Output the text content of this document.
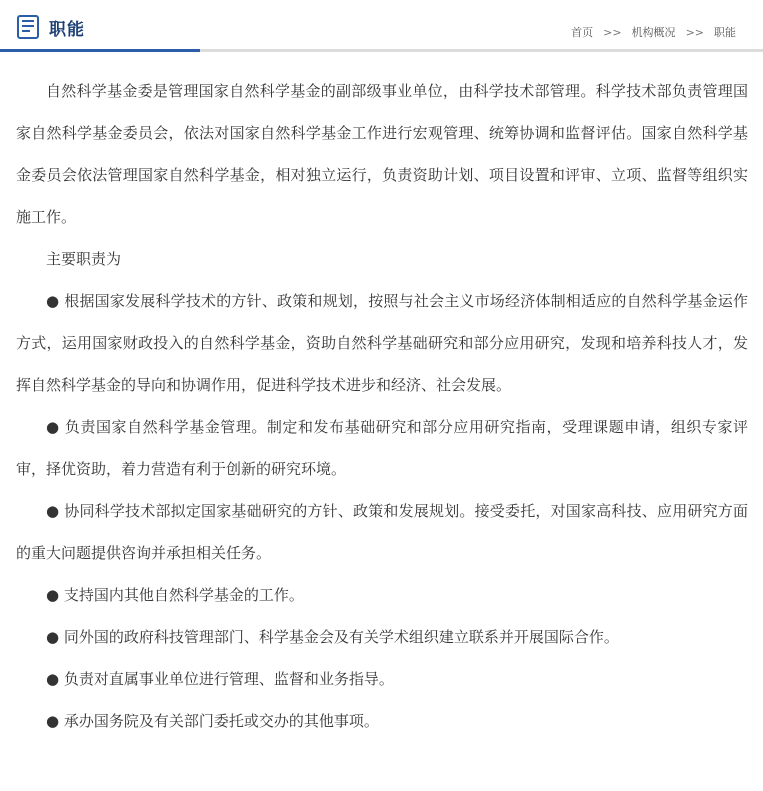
职能	首页 >> 机构概况 >> 职能

自然科学基金委是管理国家自然科学基金的副部级事业单位，由科学技术部管理。科学技术部负责管理国家自然科学基金委员会，依法对国家自然科学基金工作进行宏观管理、统筹协调和监督评估。国家自然科学基金委员会依法管理国家自然科学基金，相对独立运行，负责资助计划、项目设置和评审、立项、监督等组织实施工作。

主要职责为

● 根据国家发展科学技术的方针、政策和规划，按照与社会主义市场经济体制相适应的自然科学基金运作方式，运用国家财政投入的自然科学基金，资助自然科学基础研究和部分应用研究，发现和培养科技人才，发挥自然科学基金的导向和协调作用，促进科学技术进步和经济、社会发展。

● 负责国家自然科学基金管理。制定和发布基础研究和部分应用研究指南，受理课题申请，组织专家评审，择优资助，着力营造有利于创新的研究环境。

● 协同科学技术部拟定国家基础研究的方针、政策和发展规划。接受委托，对国家高科技、应用研究方面的重大问题提供咨询并承担相关任务。

● 支持国内其他自然科学基金的工作。

● 同外国的政府科技管理部门、科学基金会及有关学术组织建立联系并开展国际合作。

● 负责对直属事业单位进行管理、监督和业务指导。

● 承办国务院及有关部门委托或交办的其他事项。
